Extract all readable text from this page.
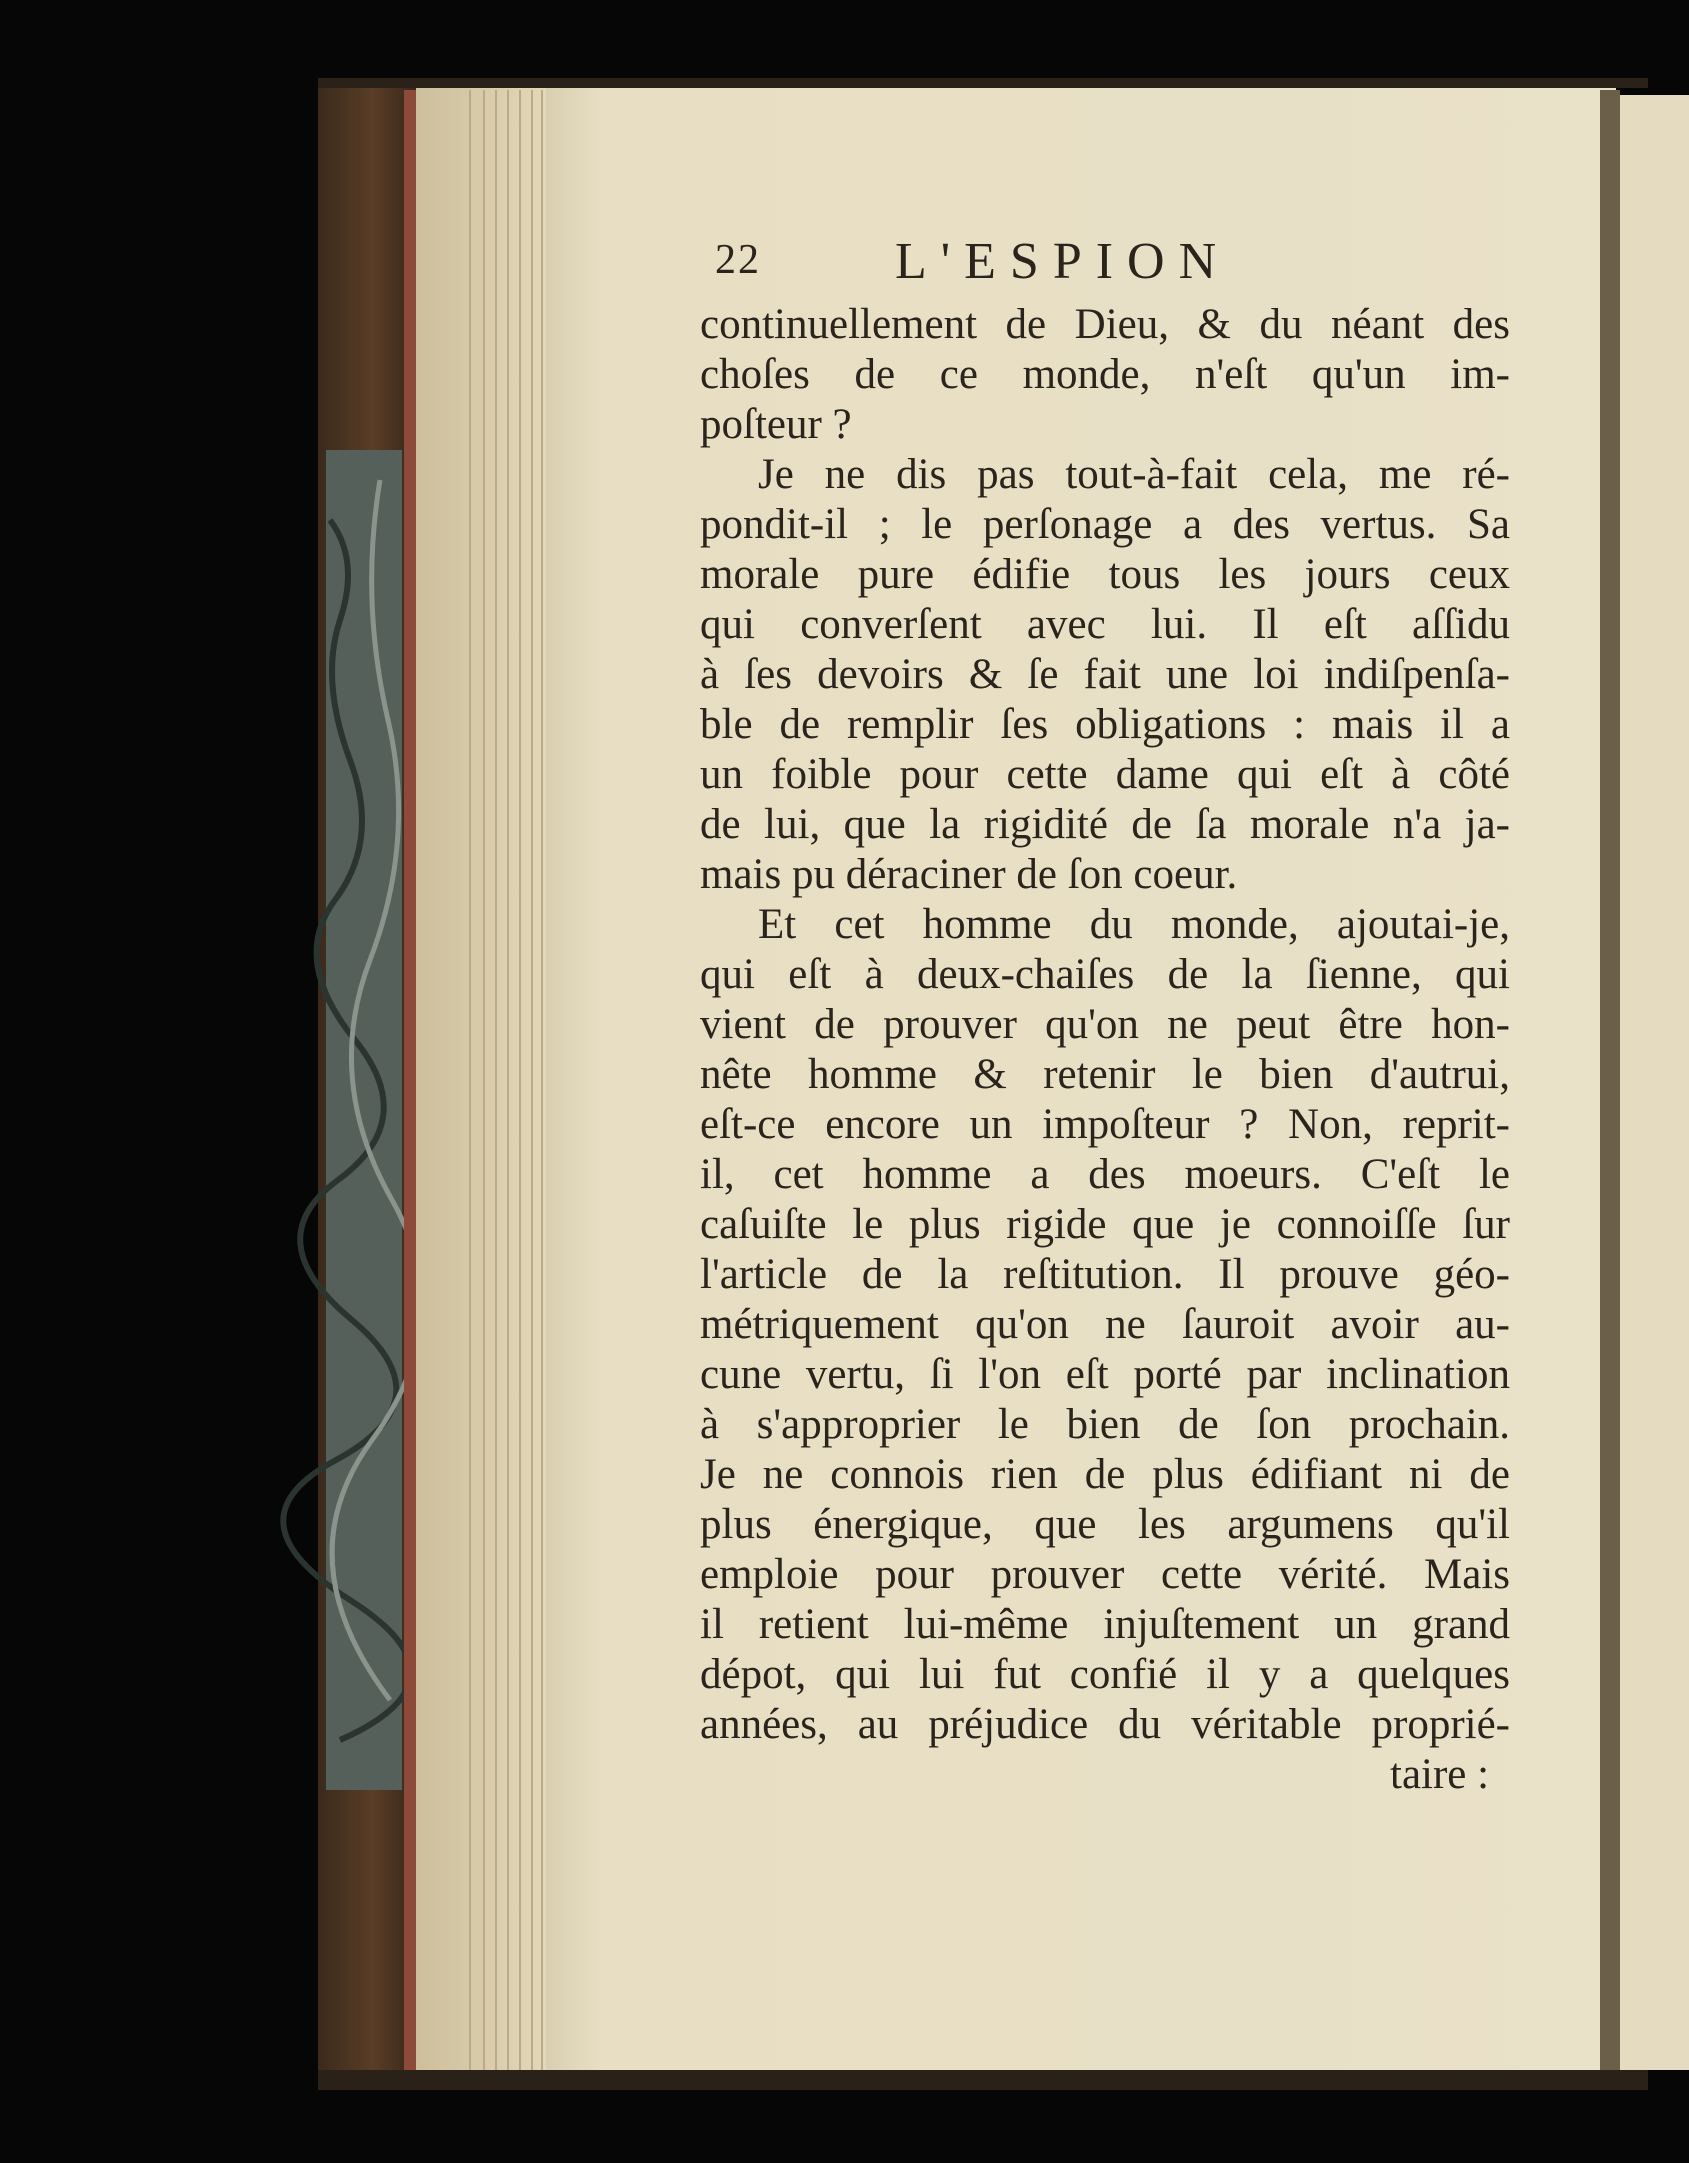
22	L'ESPION
continuellement de Dieu, & du néant des
choſes de ce monde, n'eſt qu'un im-
poſteur ?
Je ne dis pas tout-à-fait cela, me ré-
pondit-il ; le perſonage a des vertus. Sa
morale pure édifie tous les jours ceux
qui converſent avec lui. Il eſt aſſidu
à ſes devoirs & ſe fait une loi indiſpenſa-
ble de remplir ſes obligations : mais il a
un foible pour cette dame qui eſt à côté
de lui, que la rigidité de ſa morale n'a ja-
mais pu déraciner de ſon coeur.
Et cet homme du monde, ajoutai-je,
qui eſt à deux-chaiſes de la ſienne, qui
vient de prouver qu'on ne peut être hon-
nête homme & retenir le bien d'autrui,
eſt-ce encore un impoſteur ? Non, reprit-
il, cet homme a des moeurs. C'eſt le
caſuiſte le plus rigide que je connoiſſe ſur
l'article de la reſtitution. Il prouve géo-
métriquement qu'on ne ſauroit avoir au-
cune vertu, ſi l'on eſt porté par inclination
à s'approprier le bien de ſon prochain.
Je ne connois rien de plus édifiant ni de
plus énergique, que les argumens qu'il
emploie pour prouver cette vérité. Mais
il retient lui-même injuſtement un grand
dépot, qui lui fut confié il y a quelques
années, au préjudice du véritable proprié-
taire :
